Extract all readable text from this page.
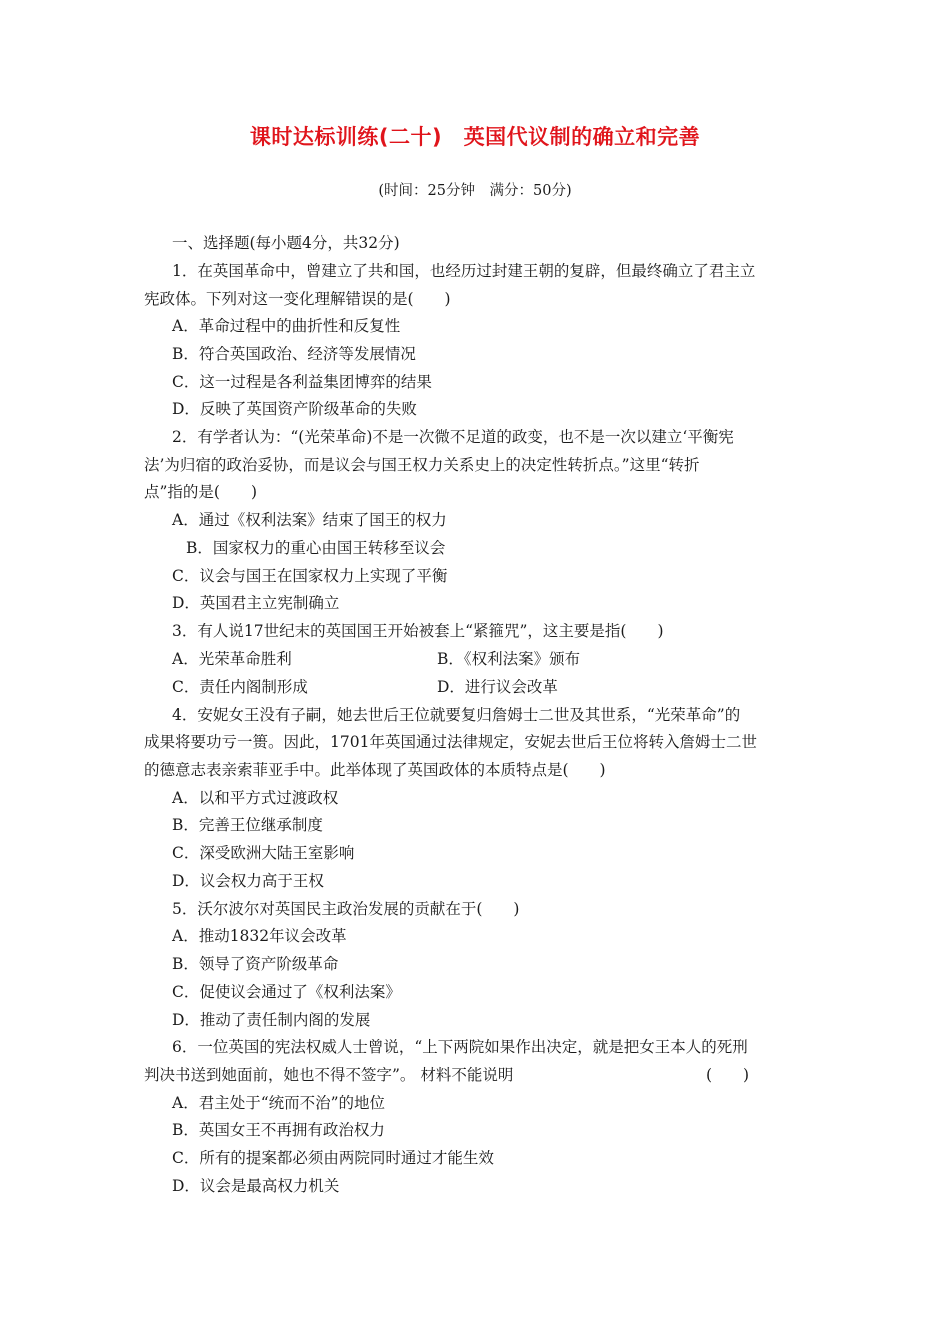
课时达标训练(二十)　英国代议制的确立和完善
(时间：25分钟　满分：50分)
一、选择题(每小题4分，共32分)
1．在英国革命中，曾建立了共和国，也经历过封建王朝的复辟，但最终确立了君主立
宪政体。下列对这一变化理解错误的是(　　)
A．革命过程中的曲折性和反复性
B．符合英国政治、经济等发展情况
C．这一过程是各利益集团博弈的结果
D．反映了英国资产阶级革命的失败
2．有学者认为：“(光荣革命)不是一次微不足道的政变，也不是一次以建立‘平衡宪
法’为归宿的政治妥协，而是议会与国王权力关系史上的决定性转折点。”这里“转折
点”指的是(　　)
A．通过《权利法案》结束了国王的权力
B．国家权力的重心由国王转移至议会
C．议会与国王在国家权力上实现了平衡
D．英国君主立宪制确立
3．有人说17世纪末的英国国王开始被套上“紧箍咒”，这主要是指(　　)
A．光荣革命胜利	B．《权利法案》颁布
C．责任内阁制形成	D．进行议会改革
4．安妮女王没有子嗣，她去世后王位就要复归詹姆士二世及其世系，“光荣革命”的
成果将要功亏一篑。因此，1701年英国通过法律规定，安妮去世后王位将转入詹姆士二世
的德意志表亲索菲亚手中。此举体现了英国政体的本质特点是(　　)
A．以和平方式过渡政权
B．完善王位继承制度
C．深受欧洲大陆王室影响
D．议会权力高于王权
5．沃尔波尔对英国民主政治发展的贡献在于(　　)
A．推动1832年议会改革
B．领导了资产阶级革命
C．促使议会通过了《权利法案》
D．推动了责任制内阁的发展
6．一位英国的宪法权威人士曾说，“上下两院如果作出决定，就是把女王本人的死刑
判决书送到她面前，她也不得不签字”。 材料不能说明	(　　)
A．君主处于“统而不治”的地位
B．英国女王不再拥有政治权力
C．所有的提案都必须由两院同时通过才能生效
D．议会是最高权力机关
